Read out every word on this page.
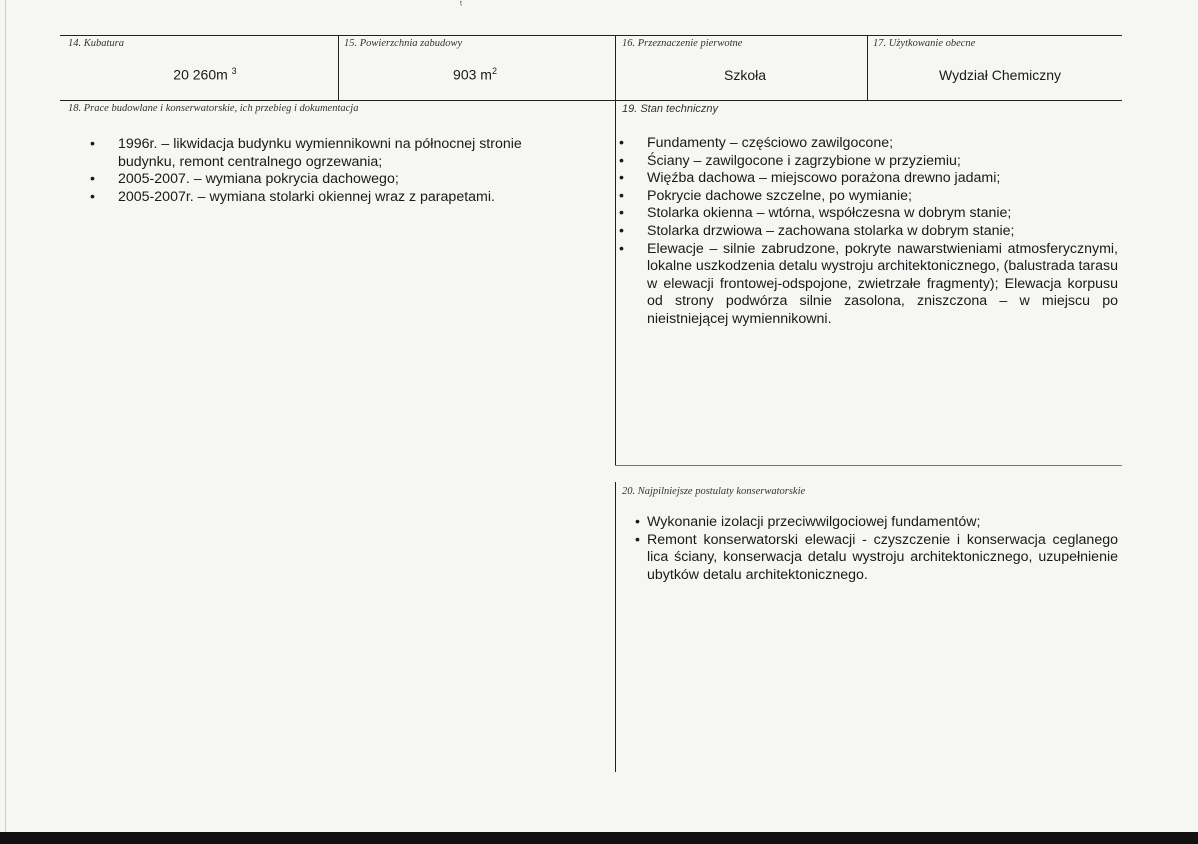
ᵗ
14. Kubatura
20 260m $^3$
15. Powierzchnia zabudowy
903 $m^2$
16. Przeznaczenie pierwotne
Szkoła
17. Użytkowanie obecne
Wydział Chemiczny
18. Prace budowlane i konserwatorskie, ich przebieg i dokumentacja
• 1996r. – likwidacja budynku wymiennikowni na północnej stronie budynku, remont centralnego ogrzewania;
• 2005-2007. – wymiana pokrycia dachowego;
• 2005-2007r. – wymiana stolarki okiennej wraz z parapetami.
19. Stan techniczny
• Fundamenty – częściowo zawilgocone;
• Ściany – zawilgocone i zagrzybione w przyziemiu;
• Więźba dachowa – miejscowo porażona drewno jadami;
• Pokrycie dachowe szczelne, po wymianie;
• Stolarka okienna – wtórna, współczesna w dobrym stanie;
• Stolarka drzwiowa – zachowana stolarka w dobrym stanie;
• Elewacje – silnie zabrudzone, pokryte nawarstwieniami atmosferycznymi, lokalne uszkodzenia detalu wystroju architektonicznego, (balustrada tarasu w elewacji frontowej-odspojone, zwietrzałe fragmenty); Elewacja korpusu od strony podwórza silnie zasolona, zniszczona – w miejscu po nieistniejącej wymiennikowni.
20. Najpilniejsze postulaty konserwatorskie
• Wykonanie izolacji przeciwwilgociowej fundamentów;
• Remont konserwatorski elewacji - czyszczenie i konserwacja ceglanego lica ściany, konserwacja detalu wystroju architektonicznego, uzupełnienie ubytków detalu architektonicznego.
